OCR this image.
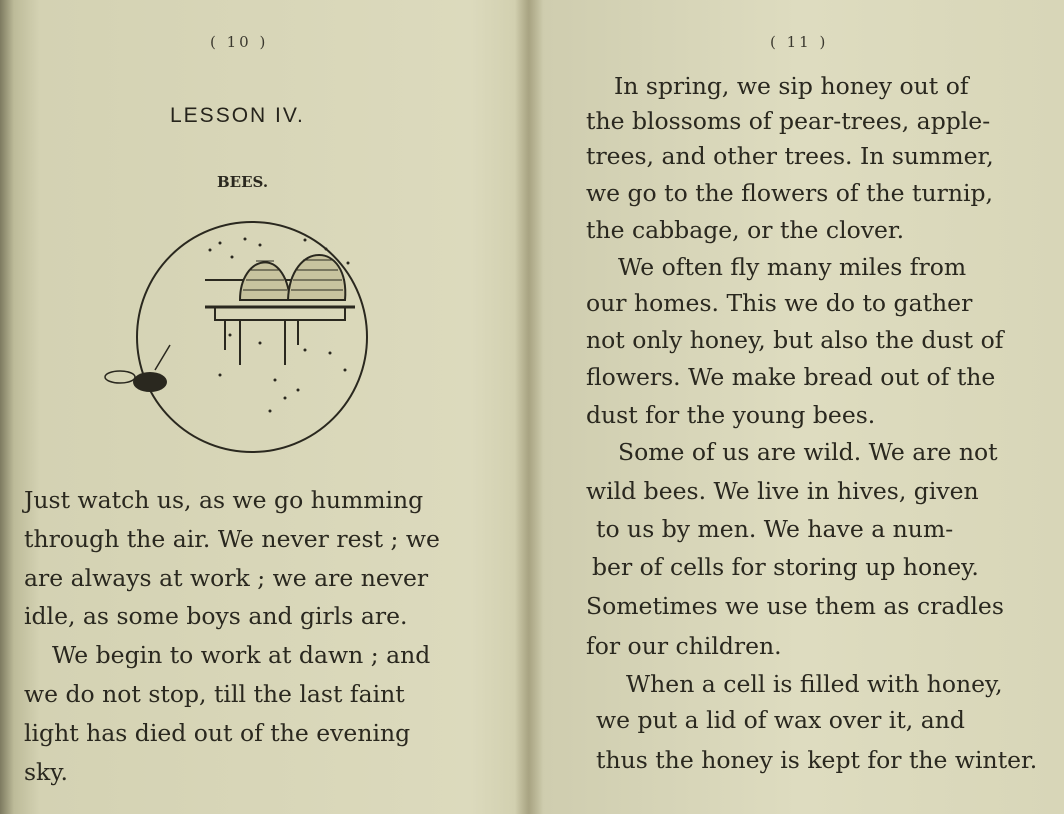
( 10 )	( 11 )
LESSON IV.
BEES.
Just watch us, as we go humming
through the air. We never rest ; we
are always at work ; we are never
idle, as some boys and girls are.
We begin to work at dawn ; and
we do not stop, till the last faint
light has died out of the evening
sky.
In spring, we sip honey out of
the blossoms of pear-trees, apple-
trees, and other trees. In summer,
we go to the flowers of the turnip,
the cabbage, or the clover.
We often fly many miles from
our homes. This we do to gather
not only honey, but also the dust of
flowers. We make bread out of the
dust for the young bees.
Some of us are wild. We are not
wild bees. We live in hives, given
to us by men. We have a num-
ber of cells for storing up honey.
Sometimes we use them as cradles
for our children.
When a cell is filled with honey,
we put a lid of wax over it, and
thus the honey is kept for the winter.
